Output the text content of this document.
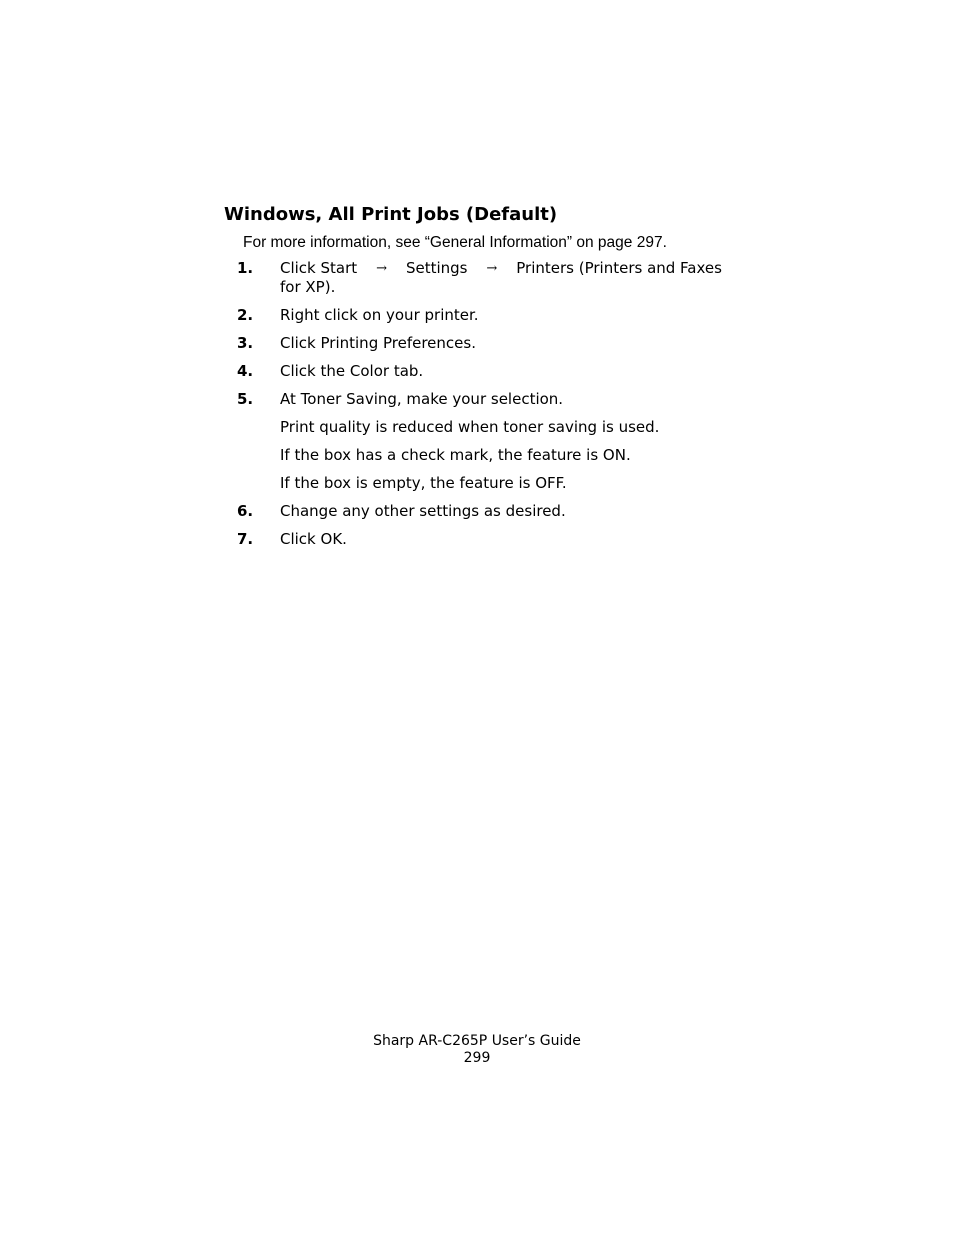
Windows, All Print Jobs (Default)
For more information, see “General Information” on page 297.
1. Click Start → Settings → Printers (Printers and Faxes
for XP).
2. Right click on your printer.
3. Click Printing Preferences.
4. Click the Color tab.
5. At Toner Saving, make your selection.
Print quality is reduced when toner saving is used.
If the box has a check mark, the feature is ON.
If the box is empty, the feature is OFF.
6. Change any other settings as desired.
7. Click OK.
Sharp AR-C265P User’s Guide
299
